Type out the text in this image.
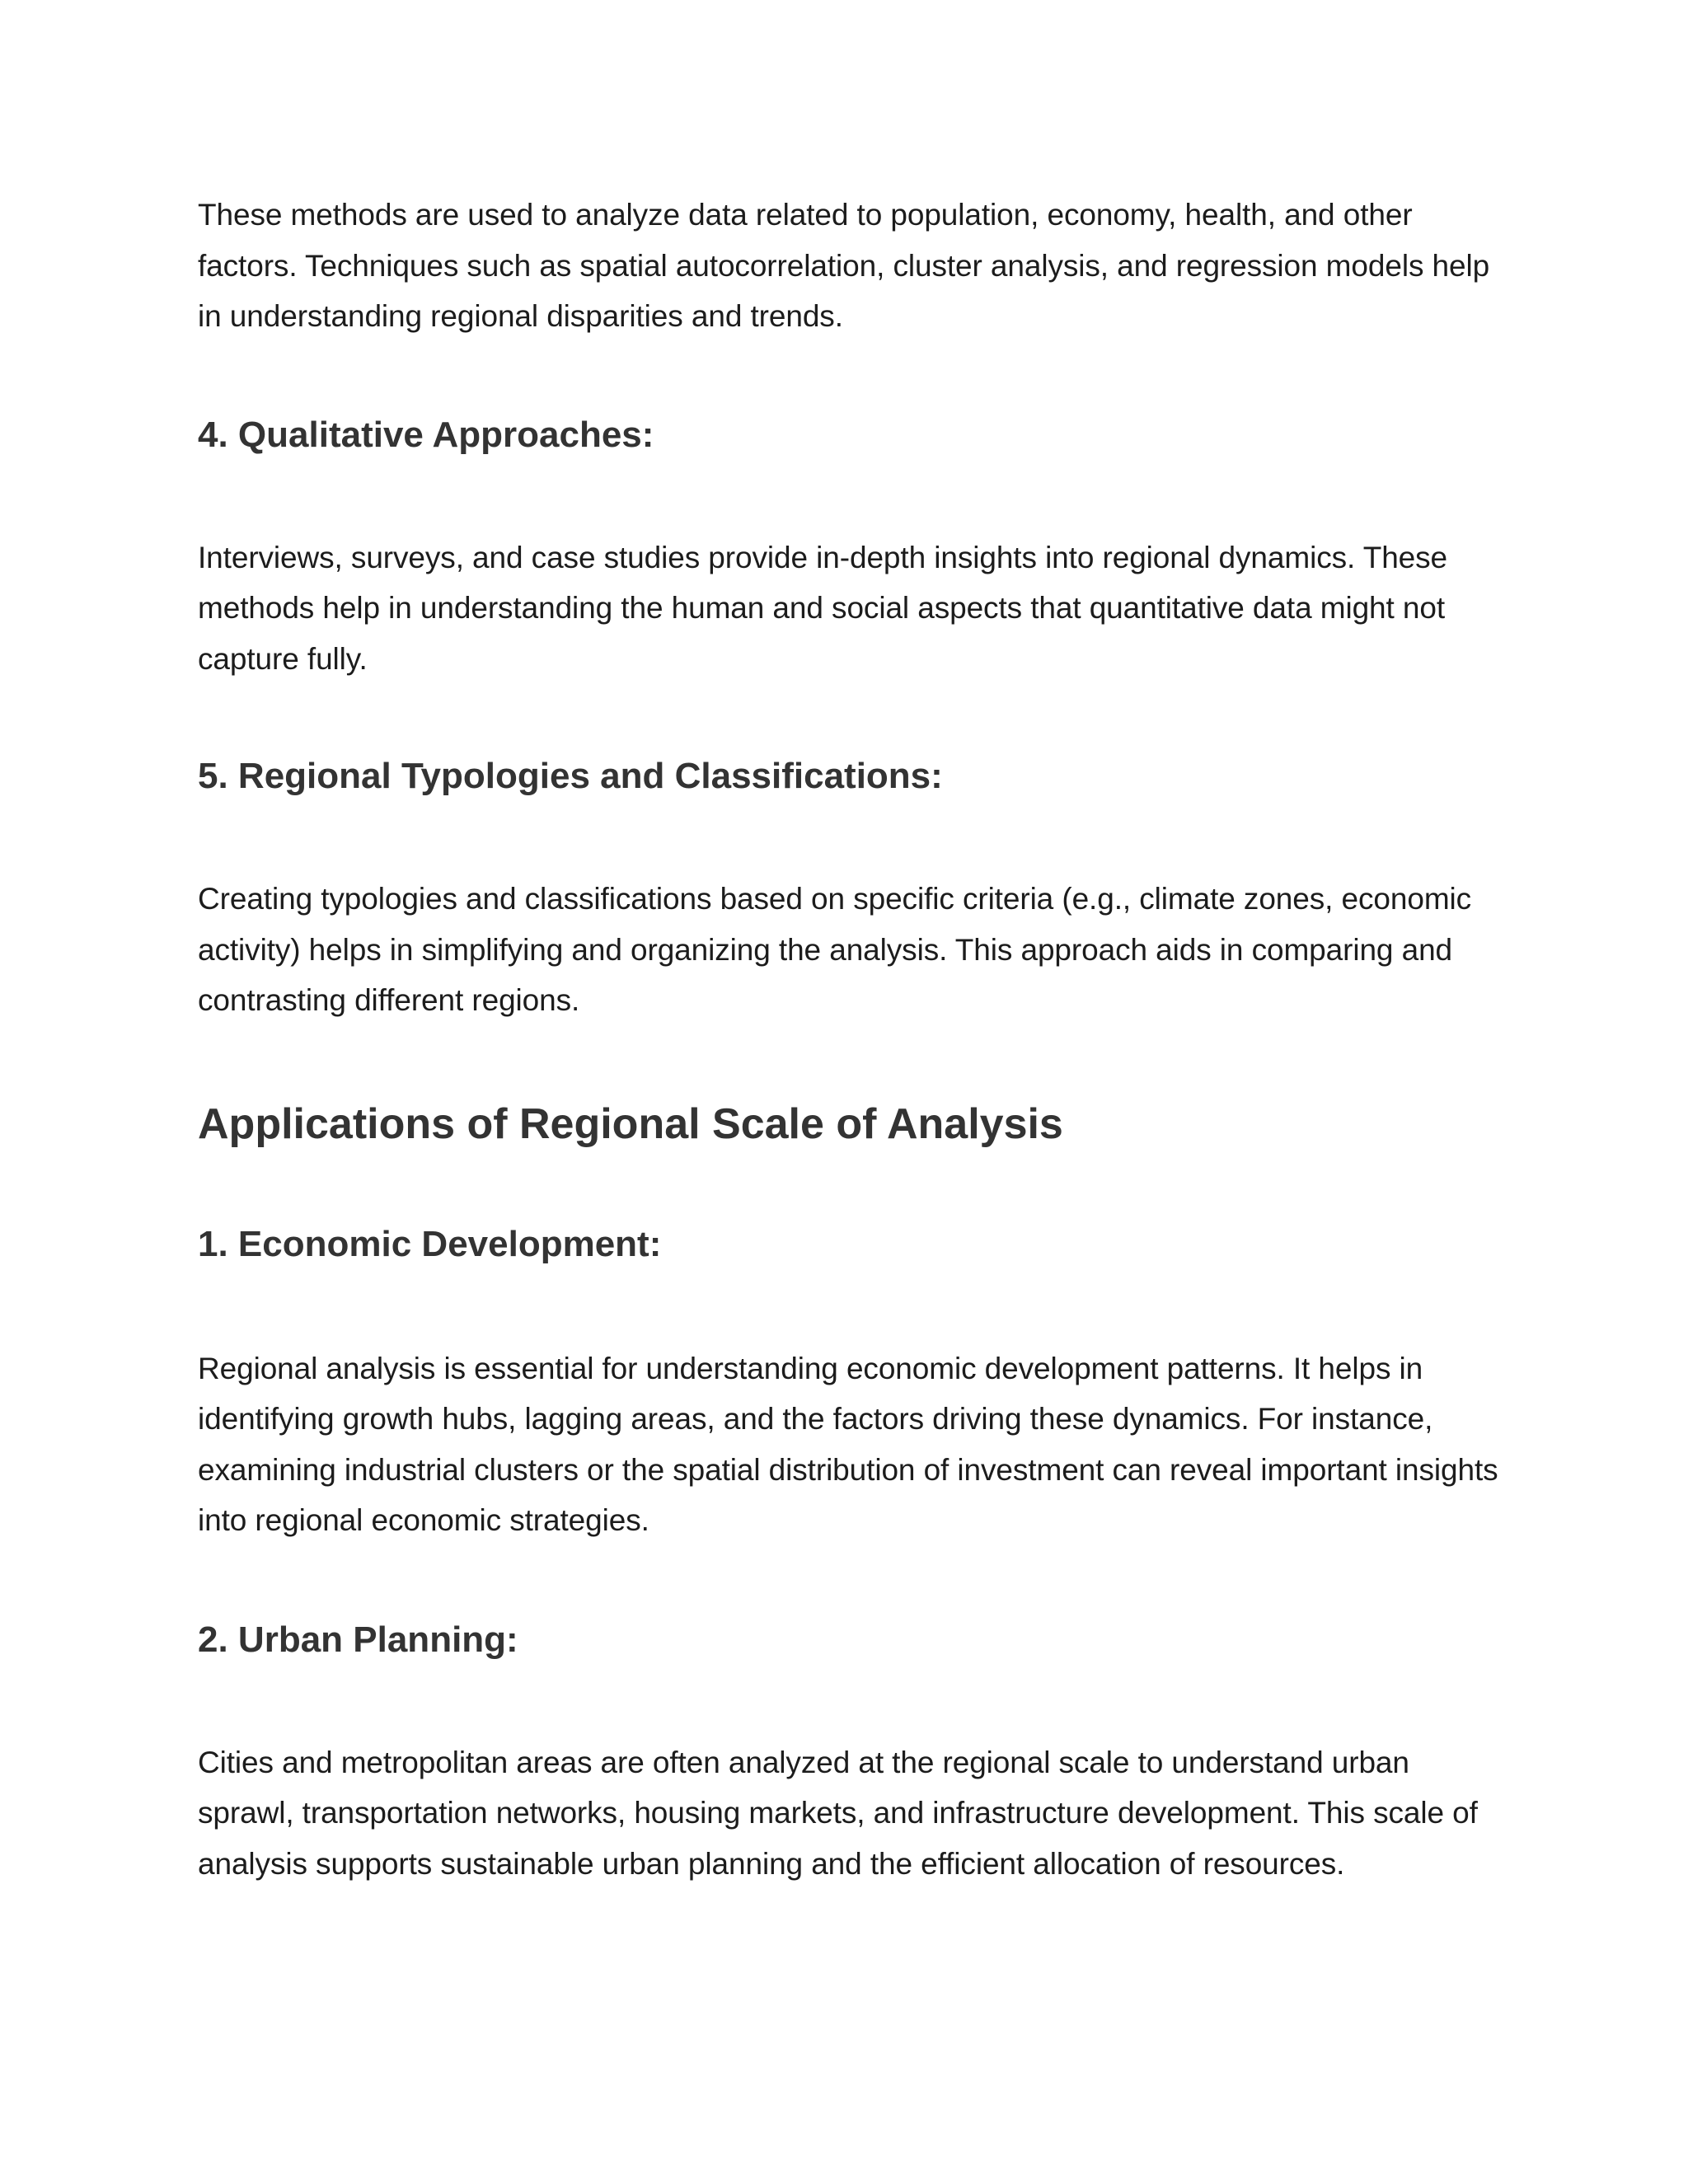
These methods are used to analyze data related to population, economy, health, and other factors. Techniques such as spatial autocorrelation, cluster analysis, and regression models help in understanding regional disparities and trends.

4. Qualitative Approaches:

Interviews, surveys, and case studies provide in-depth insights into regional dynamics. These methods help in understanding the human and social aspects that quantitative data might not capture fully.

5. Regional Typologies and Classifications:

Creating typologies and classifications based on specific criteria (e.g., climate zones, economic activity) helps in simplifying and organizing the analysis. This approach aids in comparing and contrasting different regions.

Applications of Regional Scale of Analysis
1. Economic Development:

Regional analysis is essential for understanding economic development patterns. It helps in identifying growth hubs, lagging areas, and the factors driving these dynamics. For instance, examining industrial clusters or the spatial distribution of investment can reveal important insights into regional economic strategies.

2. Urban Planning:

Cities and metropolitan areas are often analyzed at the regional scale to understand urban sprawl, transportation networks, housing markets, and infrastructure development. This scale of analysis supports sustainable urban planning and the efficient allocation of resources.
